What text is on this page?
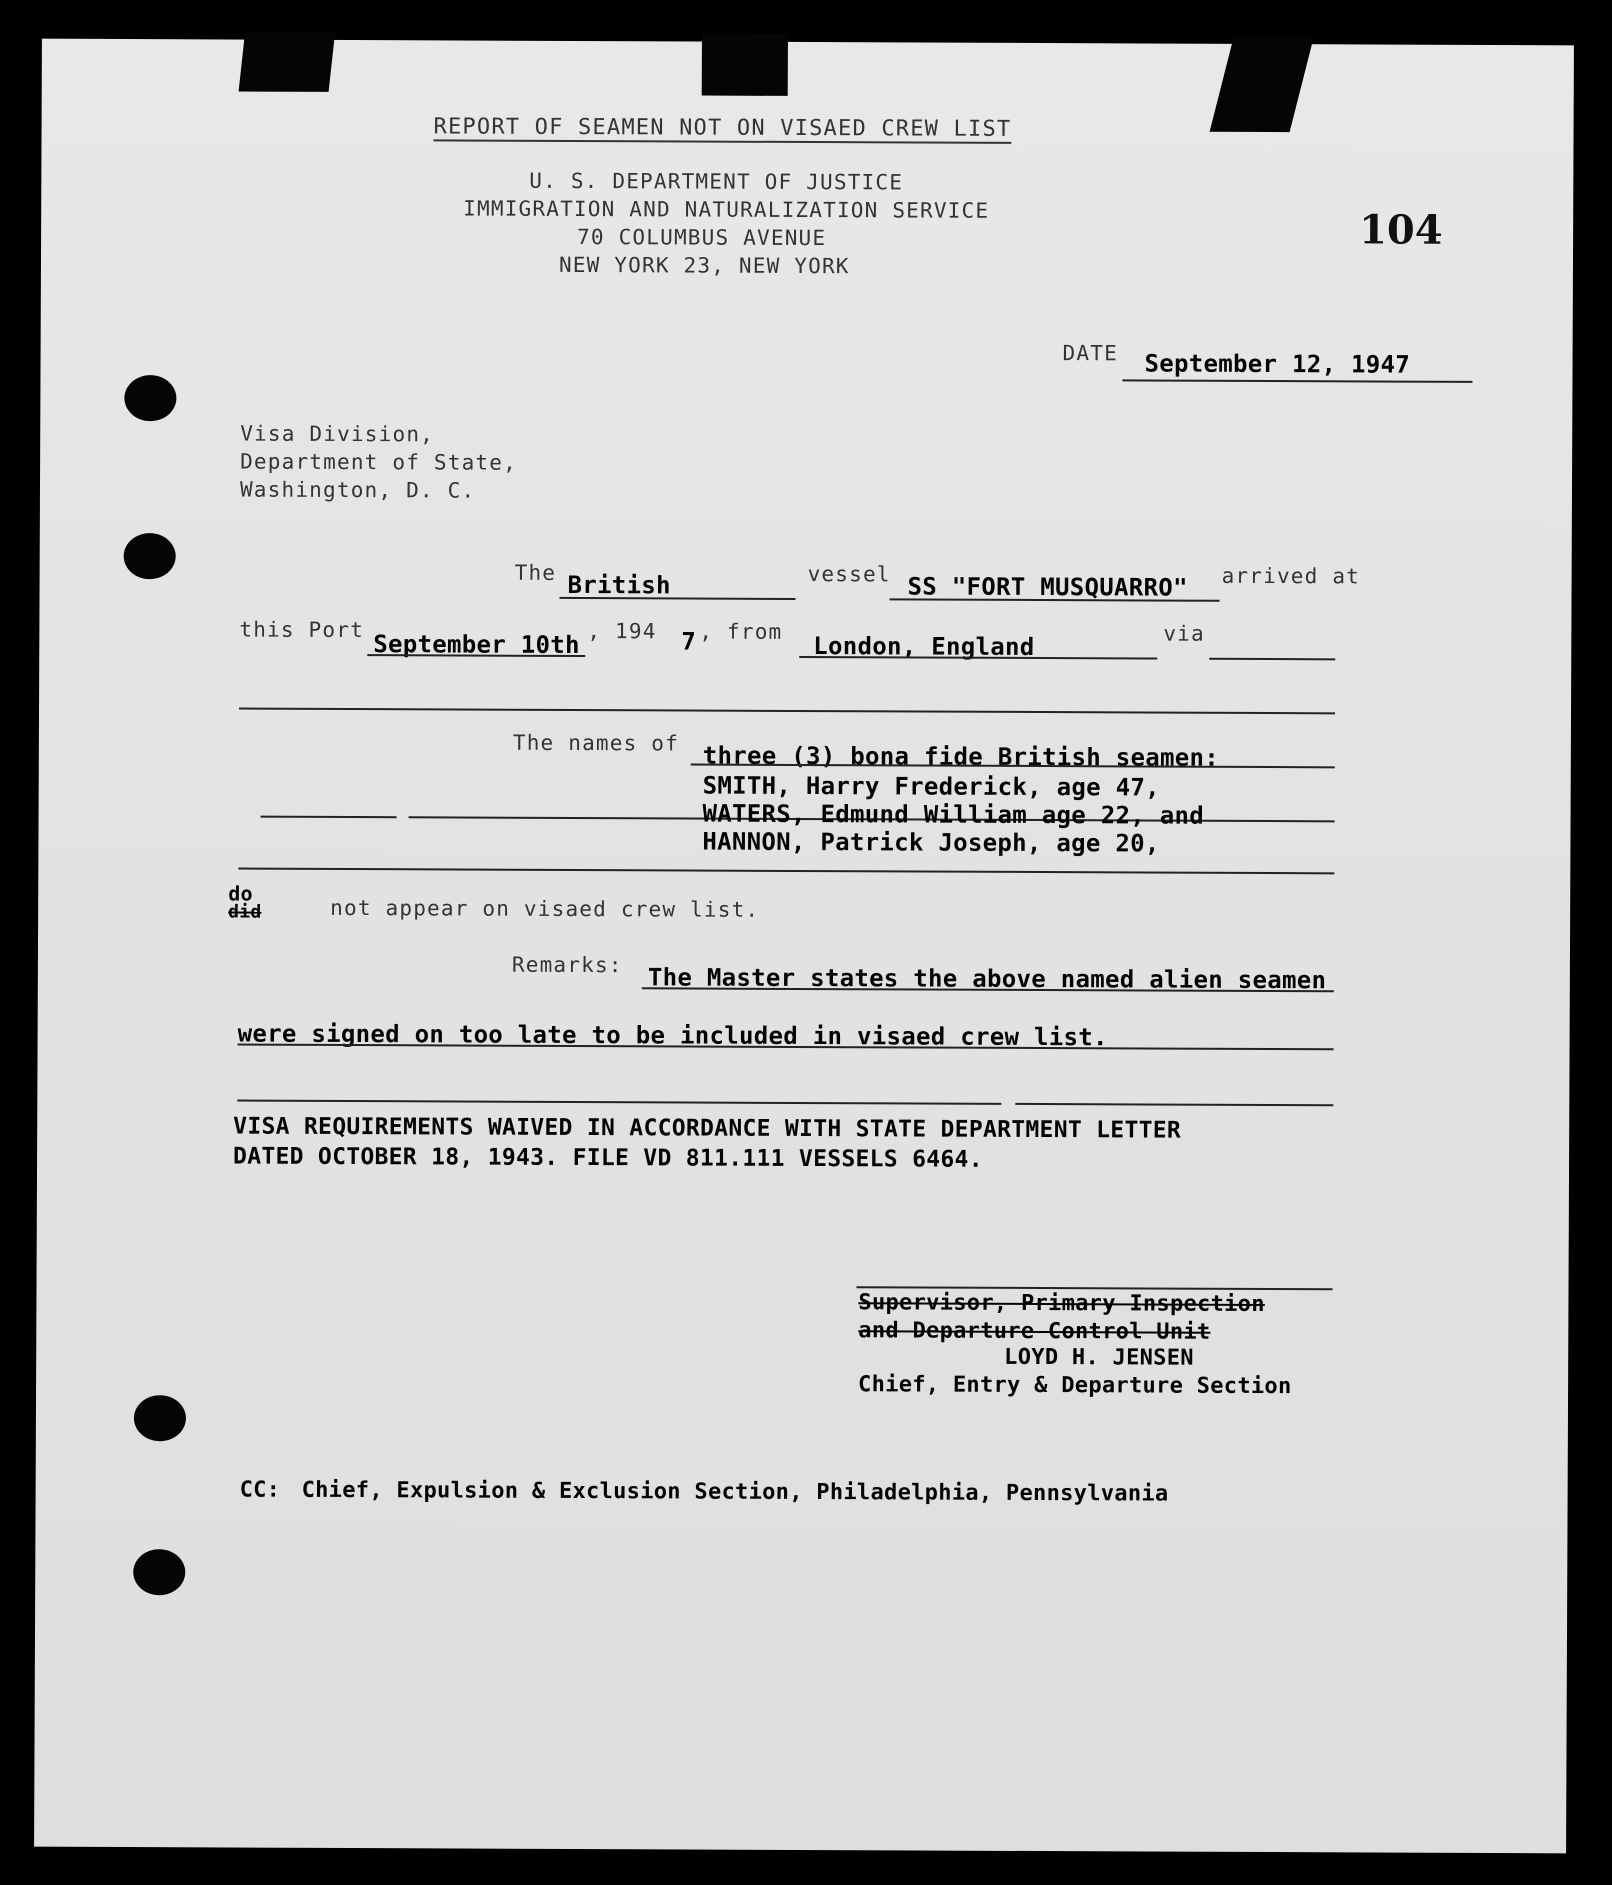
REPORT OF SEAMEN NOT ON VISAED CREW LIST
U. S. DEPARTMENT OF JUSTICE
IMMIGRATION AND NATURALIZATION SERVICE
70 COLUMBUS AVENUE
NEW YORK 23, NEW YORK
104
DATE September 12, 1947
Visa Division,
Department of State,
Washington, D. C.
The British	vessel SS "FORT MUSQUARRO" arrived at
this Port
September 10th , 194 7 , from
London, England	via
The names of three (3) bona fide British seamen:
SMITH, Harry Frederick, age 47,
WATERS, Edmund William age 22, and
HANNON, Patrick Joseph, age 20,
do
did	not appear on visaed crew list.
Remarks: The Master states the above named alien seamen
were signed on too late to be included in visaed crew list.
VISA REQUIREMENTS WAIVED IN ACCORDANCE WITH STATE DEPARTMENT LETTER
DATED OCTOBER 18, 1943. FILE VD 811.111 VESSELS 6464.
Supervisor, Primary Inspection
and Departure Control Unit
LOYD H. JENSEN
Chief, Entry & Departure Section
CC: Chief, Expulsion & Exclusion Section, Philadelphia, Pennsylvania
